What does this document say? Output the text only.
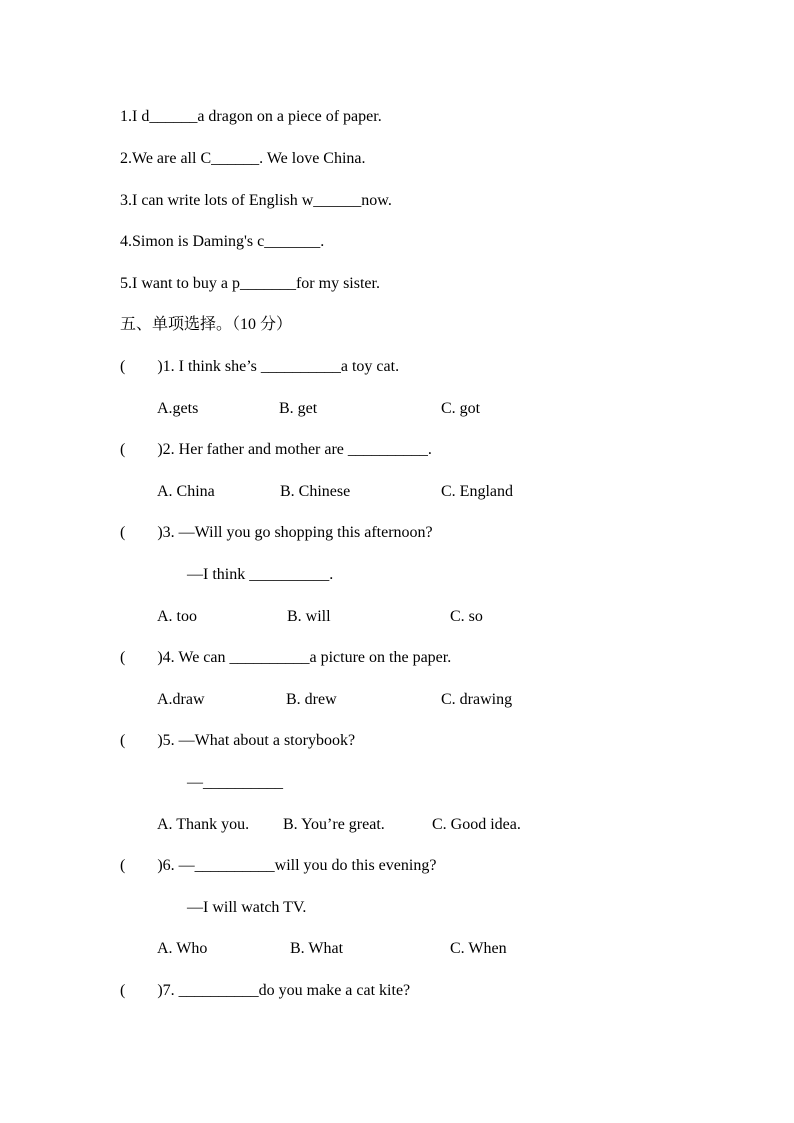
1.I d______a dragon on a piece of paper.
2.We are all C______. We love China.
3.I can write lots of English w______now.
4.Simon is Daming's c_______.
5.I want to buy a p_______for my sister.
五、单项选择。（10 分）
(        )1. I think she’s __________a toy cat.
A.gets	B. get	C. got
(        )2. Her father and mother are __________.
A. China	B. Chinese	C. England
(        )3. —Will you go shopping this afternoon?
—I think __________.
A. too	B. will	C. so
(        )4. We can __________a picture on the paper.
A.draw	B. drew	C. drawing
(        )5. —What about a storybook?
—__________
A. Thank you. B. You’re great.	C. Good idea.
(        )6. —__________will you do this evening?
—I will watch TV.
A. Who	B. What	C. When
(        )7. __________do you make a cat kite?
